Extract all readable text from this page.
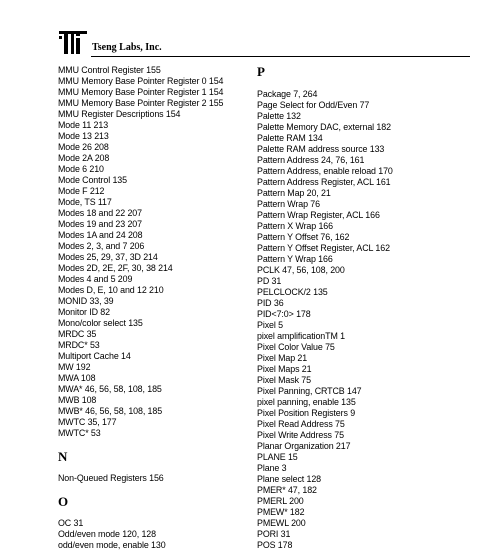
Tseng Labs, Inc.
MMU Control Register 155
MMU Memory Base Pointer Register 0 154
MMU Memory Base Pointer Register 1 154
MMU Memory Base Pointer Register 2 155
MMU Register Descriptions 154
Mode 11 213
Mode 13 213
Mode 26 208
Mode 2A 208
Mode 6 210
Mode Control 135
Mode F 212
Mode, TS 117
Modes 18 and 22 207
Modes 19 and 23 207
Modes 1A and 24 208
Modes 2, 3, and 7 206
Modes 25, 29, 37, 3D 214
Modes 2D, 2E, 2F, 30, 38 214
Modes 4 and 5 209
Modes D, E, 10 and 12 210
MONID 33, 39
Monitor ID 82
Mono/color select 135
MRDC 35
MRDC* 53
Multiport Cache 14
MW 192
MWA 108
MWA* 46, 56, 58, 108, 185
MWB 108
MWB* 46, 56, 58, 108, 185
MWTC 35, 177
MWTC* 53
N
Non-Queued Registers 156
O
OC 31
Odd/even mode 120, 128
odd/even mode, enable 130
P
Package 7, 264
Page Select for Odd/Even 77
Palette 132
Palette Memory DAC, external 182
Palette RAM 134
Palette RAM address source 133
Pattern Address 24, 76, 161
Pattern Address, enable reload 170
Pattern Address Register, ACL 161
Pattern Map 20, 21
Pattern Wrap 76
Pattern Wrap Register, ACL 166
Pattern X Wrap 166
Pattern Y Offset 76, 162
Pattern Y Offset Register, ACL 162
Pattern Y Wrap 166
PCLK 47, 56, 108, 200
PD 31
PELCLOCK/2 135
PID 36
PID<7:0> 178
Pixel 5
pixel amplificationTM 1
Pixel Color Value 75
Pixel Map 21
Pixel Maps 21
Pixel Mask 75
Pixel Panning, CRTCB 147
pixel panning, enable 135
Pixel Position Registers 9
Pixel Read Address 75
Pixel Write Address 75
Planar Organization 217
PLANE 15
Plane 3
Plane select 128
PMER* 47, 182
PMERL 200
PMEW* 182
PMEWL 200
PORI 31
POS 178
